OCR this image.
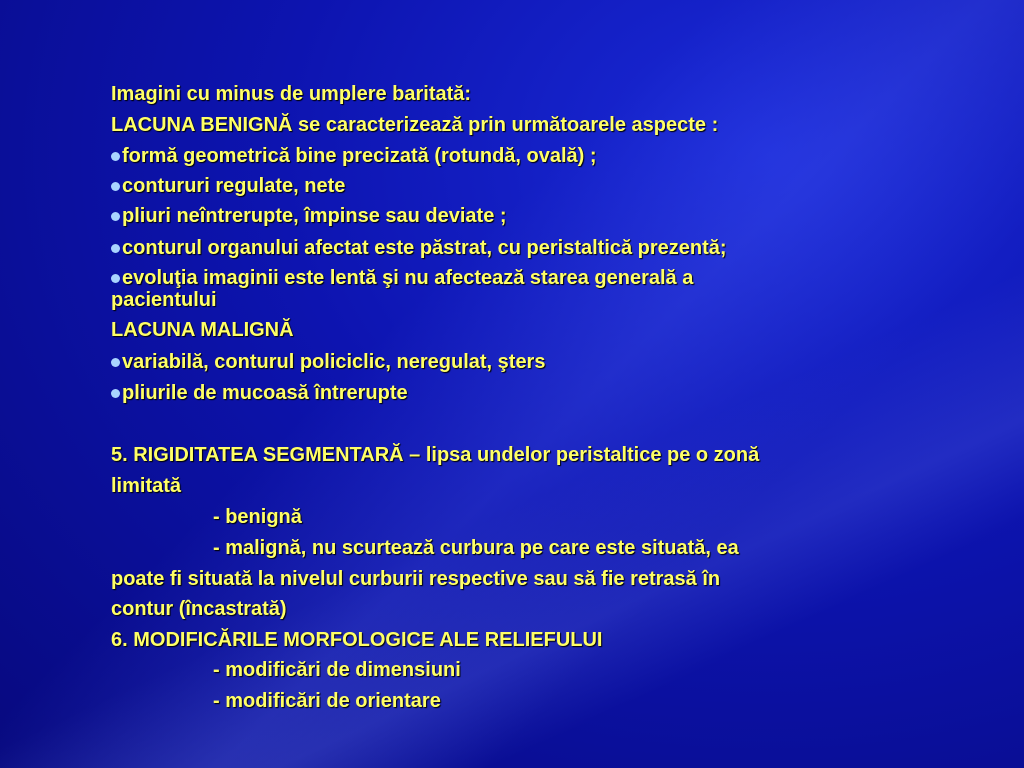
Imagini cu minus de umplere baritată:
LACUNA BENIGNĂ se caracterizează prin următoarele aspecte :
formă geometrică bine precizată (rotundă, ovală) ;
contururi regulate, nete
pliuri neîntrerupte, împinse sau deviate ;
conturul organului afectat este păstrat, cu peristaltică prezentă;
evoluţia imaginii este lentă şi nu afectează starea generală a
pacientului
LACUNA MALIGNĂ
variabilă, conturul policiclic, neregulat, şters
pliurile de mucoasă întrerupte
5. RIGIDITATEA SEGMENTARĂ – lipsa undelor peristaltice pe o zonă
limitată
- benignă
- malignă, nu scurtează curbura pe care este situată, ea
poate fi situată la nivelul curburii respective sau să fie retrasă în
contur (încastrată)
6. MODIFICĂRILE MORFOLOGICE ALE RELIEFULUI
- modificări de dimensiuni
- modificări de orientare
